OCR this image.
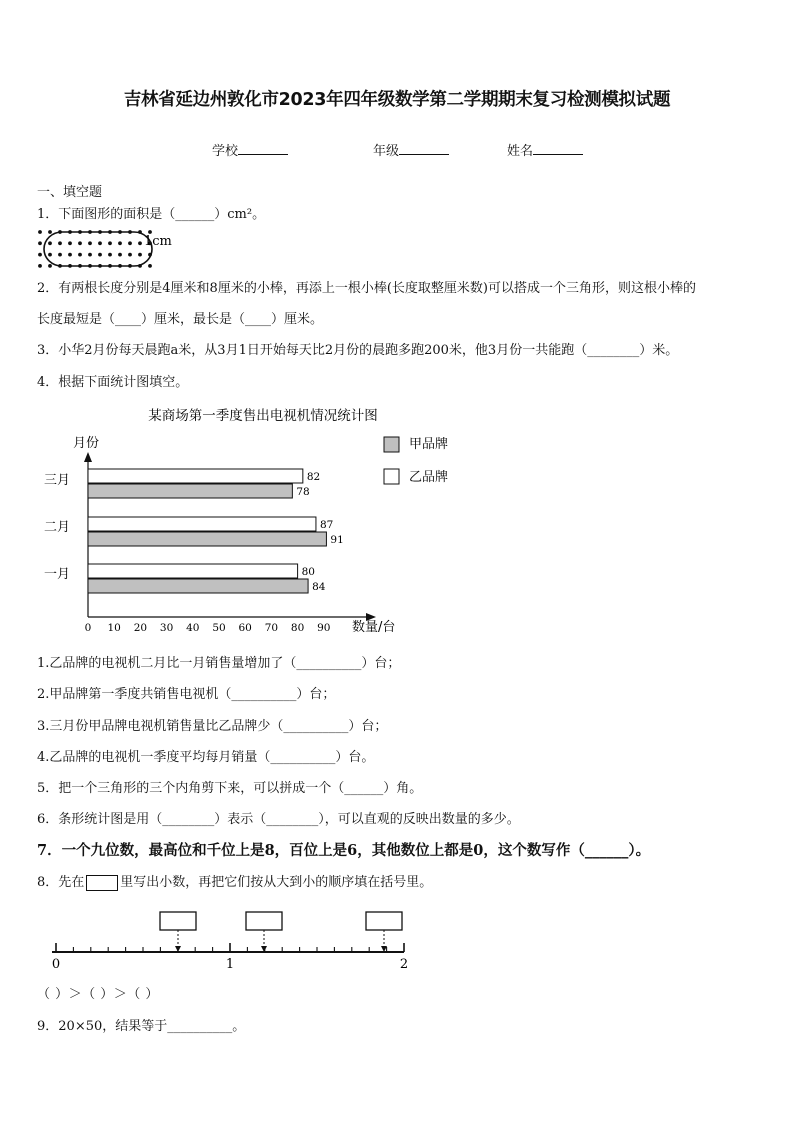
吉林省延边州敦化市2023年四年级数学第二学期期末复习检测模拟试题
学校	年级	姓名
一、填空题
1．下面图形的面积是（______）cm²。
1cm
2．有两根长度分别是4厘米和8厘米的小棒，再添上一根小棒(长度取整厘米数)可以搭成一个三角形，则这根小棒的
长度最短是（____）厘米，最长是（____）厘米。
3．小华2月份每天晨跑a米，从3月1日开始每天比2月份的晨跑多跑200米，他3月份一共能跑（________）米。
4．根据下面统计图填空。
某商场第一季度售出电视机情况统计图
月份
数量/台
0 10 20 30 40 50 60 70 80 90
一月	80
84
二月	87
91
三月	82
78
甲品牌
乙品牌
1.乙品牌的电视机二月比一月销售量增加了（__________）台；
2.甲品牌第一季度共销售电视机（__________）台；
3.三月份甲品牌电视机销售量比乙品牌少（__________）台；
4.乙品牌的电视机一季度平均每月销量（__________）台。
5．把一个三角形的三个内角剪下来，可以拼成一个（______）角。
6．条形统计图是用（________）表示（________），可以直观的反映出数量的多少。
7．一个九位数，最高位和千位上是8，百位上是6，其他数位上都是0，这个数写作（______）。
8．先在	里写出小数，再把它们按从大到小的顺序填在括号里。
0	1	2
（ ）＞（ ）＞（ ）
9．20×50，结果等于__________。
